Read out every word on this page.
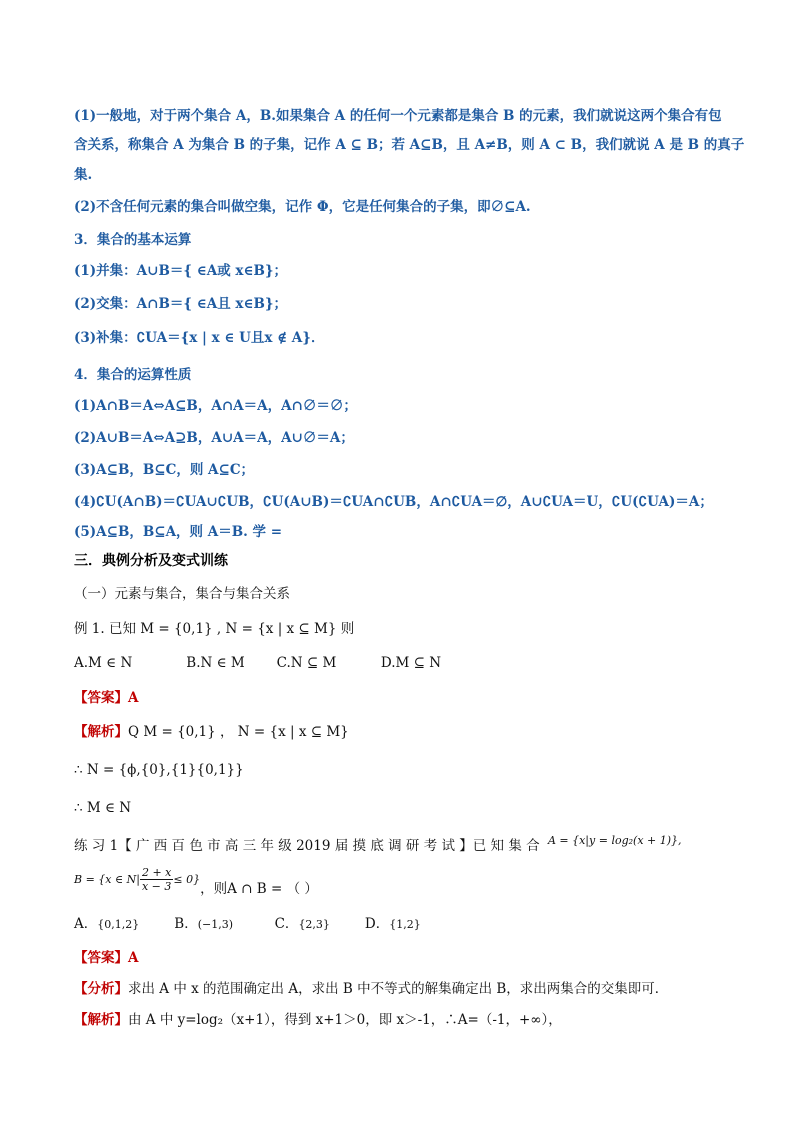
(1)一般地，对于两个集合 A，B.如果集合 A 的任何一个元素都是集合 B 的元素，我们就说这两个集合有包
含关系，称集合 A 为集合 B 的子集，记作 A ⊆ B；若 A⊆B，且 A≠B，则 A ⊂ B，我们就说 A 是 B 的真子
集.
(2)不含任何元素的集合叫做空集，记作 Φ，它是任何集合的子集，即∅⊆A.
3．集合的基本运算
(1)并集：A∪B＝{ ∈A或 x∈B}；
(2)交集：A∩B＝{ ∈A且 x∈B}；
(3)补集：∁UA＝{x | x ∈ U且x ∉ A}．
4．集合的运算性质
(1)A∩B＝A⇔A⊆B，A∩A＝A，A∩∅＝∅；
(2)A∪B＝A⇔A⊇B，A∪A＝A，A∪∅＝A；
(3)A⊆B，B⊆C，则 A⊆C；
(4)∁U(A∩B)＝∁UA∪∁UB，∁U(A∪B)＝∁UA∩∁UB，A∩∁UA＝∅，A∪∁UA＝U，∁U(∁UA)＝A；
(5)A⊆B，B⊆A，则 A＝B. 学 =
三．典例分析及变式训练
（一）元素与集合，集合与集合关系
例 1. 已知 M = {0,1} , N = {x | x ⊆ M} 则
A.M ∈ N	B.N ∈ M C.N ⊆ M	D.M ⊆ N
【答案】A
【解析】Q M = {0,1} ， N = {x | x ⊆ M}
∴ N = {ϕ,{0},{1}{0,1}}
∴ M ∈ N
练 习 1【 广 西 百 色 市 高 三 年 级 2019 届 摸 底 调 研 考 试 】已 知 集 合 $^{A = \{x|y = log_2(x + 1)\},}$
B = {x ∈ $N| \frac{2 + x}{x - 3} \le 0$}，则A ∩ B = （ ）
A．{0,1,2}	B．(−1,3)	C．{2,3}	D．{1,2}
【答案】A
【分析】求出 A 中 x 的范围确定出 A，求出 B 中不等式的解集确定出 B，求出两集合的交集即可．
【解析】由 A 中 y=log₂（x+1），得到 x+1＞0，即 x＞-1，∴A=（-1，+∞），
